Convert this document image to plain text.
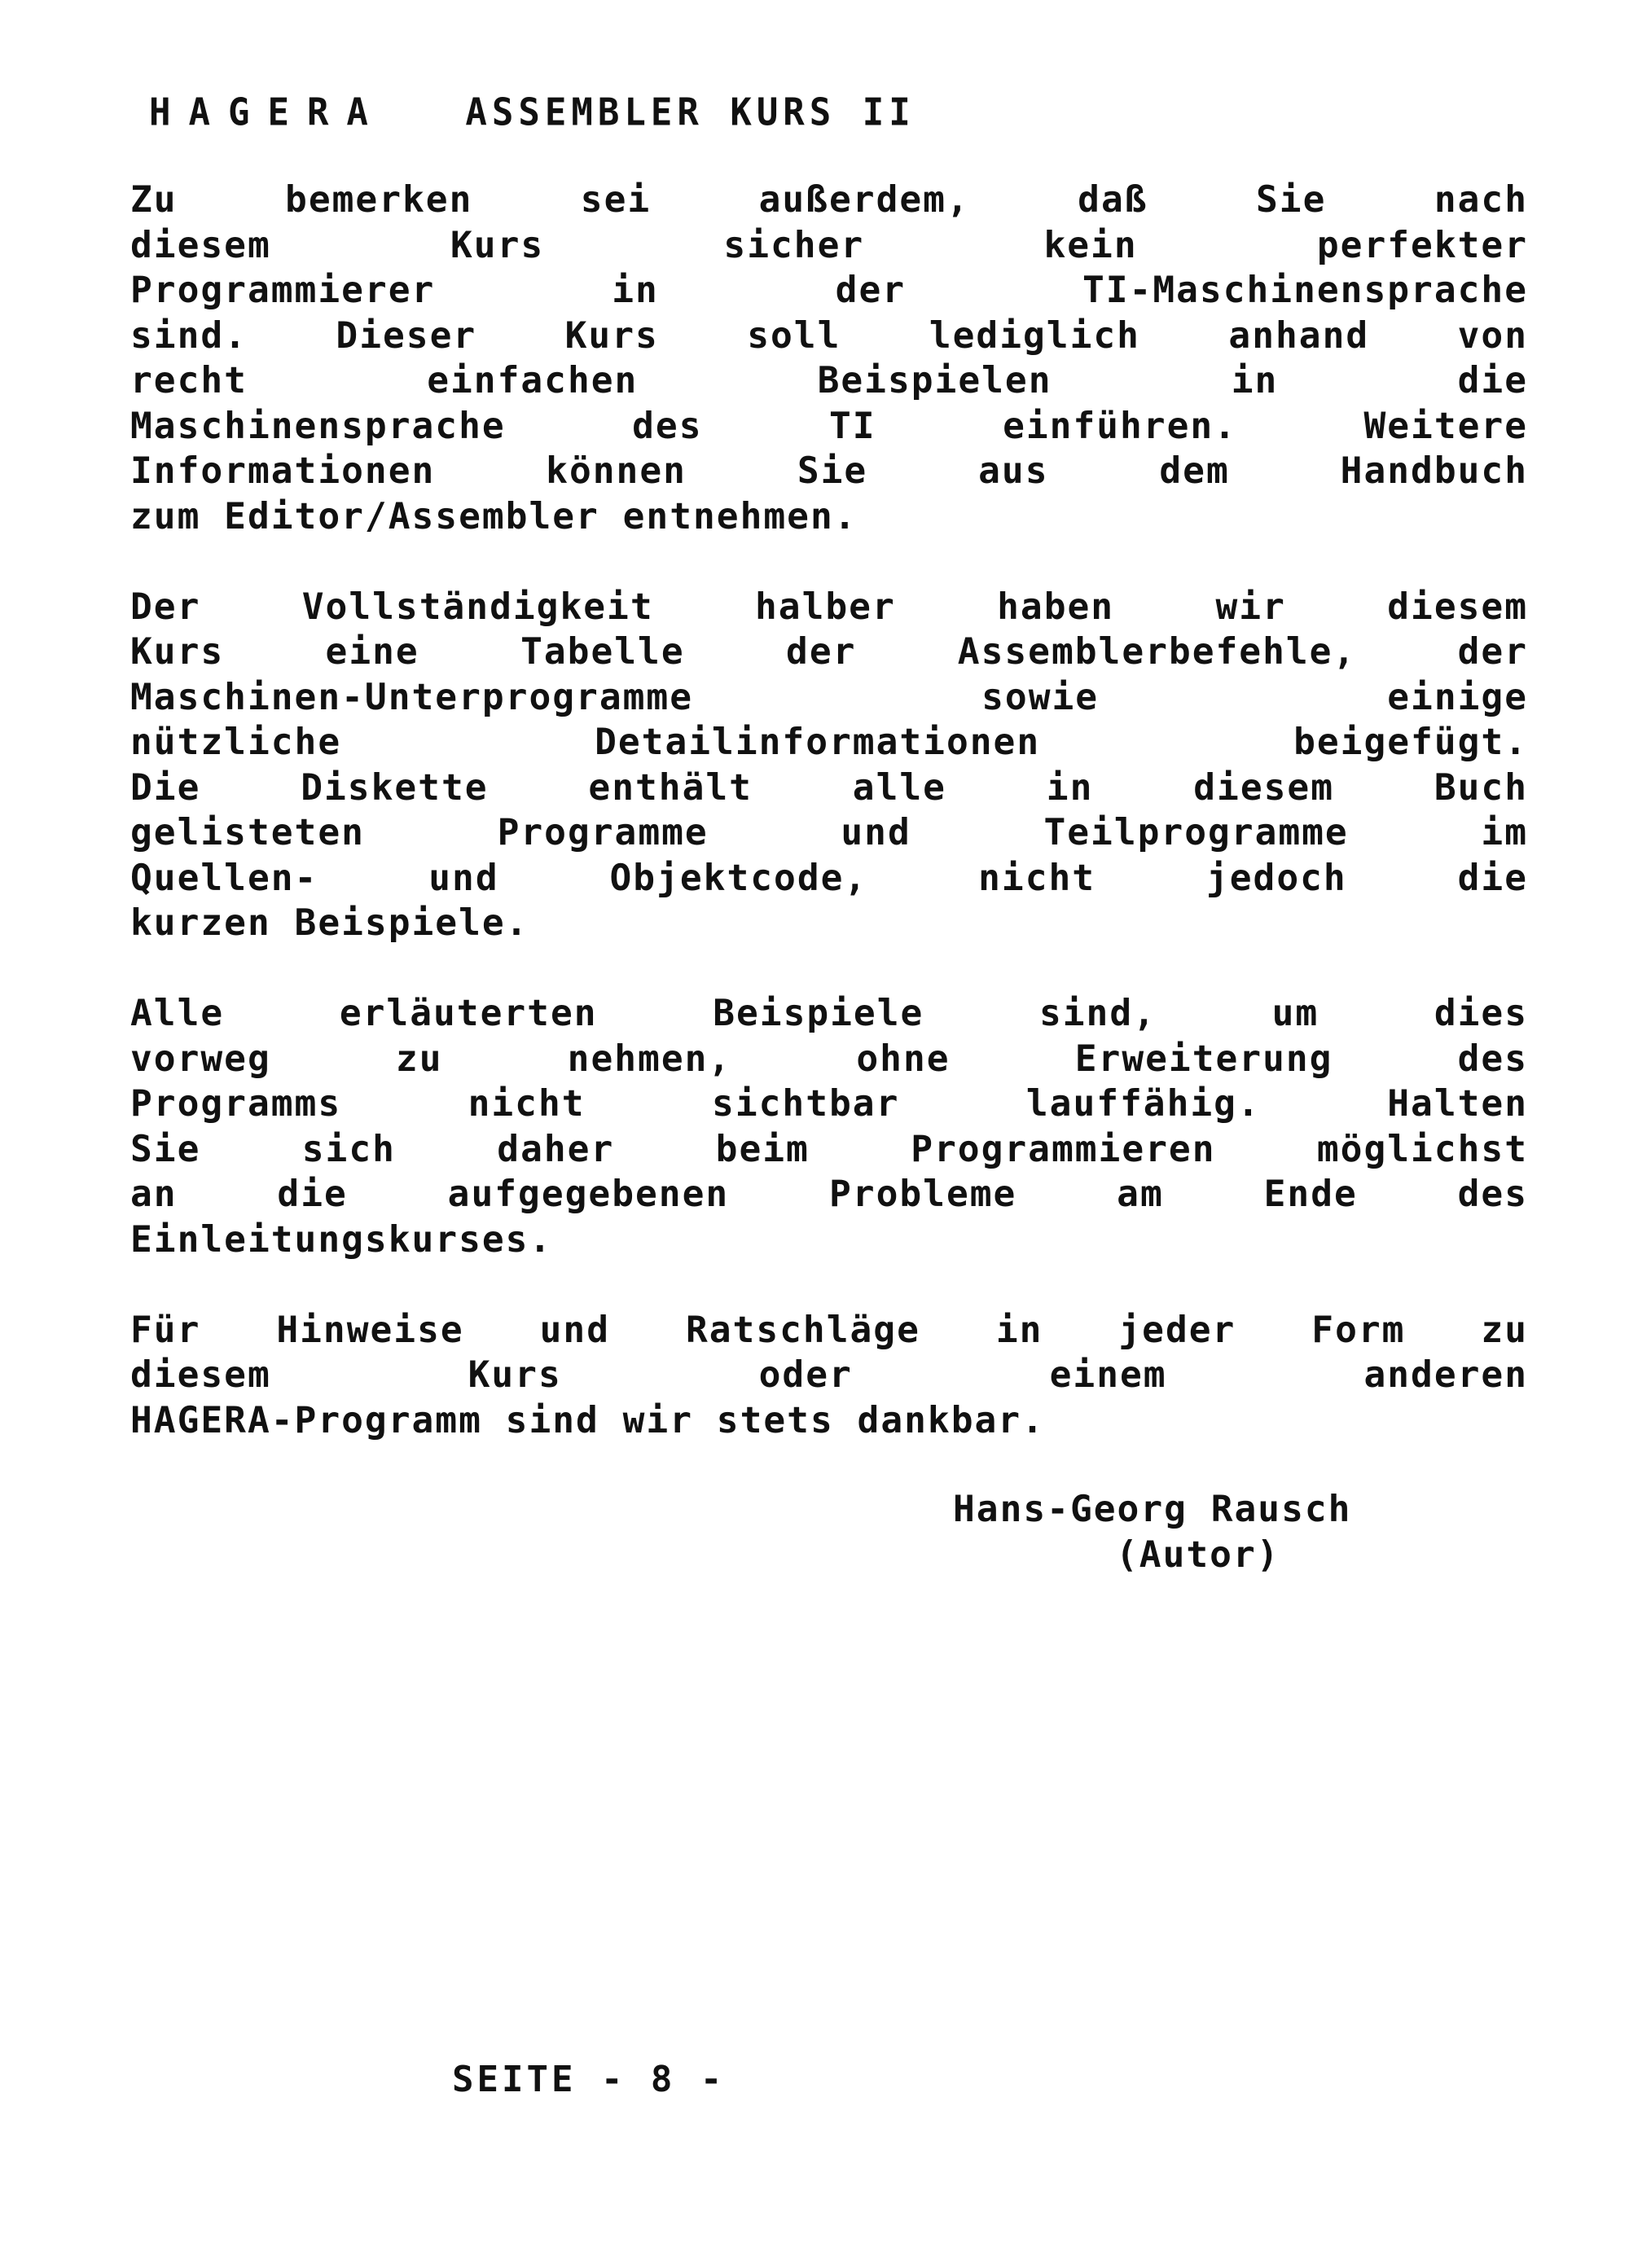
HAGERA ASSEMBLER KURS II

Zu bemerken sei außerdem, daß Sie nach
diesem Kurs sicher kein perfekter
Programmierer in der TI-Maschinensprache
sind. Dieser Kurs soll lediglich anhand von
recht einfachen Beispielen in die
Maschinensprache des TI einführen. Weitere
Informationen können Sie aus dem Handbuch
zum Editor/Assembler entnehmen.
Der Vollständigkeit halber haben wir diesem
Kurs eine Tabelle der Assemblerbefehle, der
Maschinen-Unterprogramme sowie einige
nützliche Detailinformationen beigefügt.
Die Diskette enthält alle in diesem Buch
gelisteten Programme und Teilprogramme im
Quellen- und Objektcode, nicht jedoch die
kurzen Beispiele.
Alle erläuterten Beispiele sind, um dies
vorweg zu nehmen, ohne Erweiterung des
Programms nicht sichtbar lauffähig. Halten
Sie sich daher beim Programmieren möglichst
an die aufgegebenen Probleme am Ende des
Einleitungskurses.
Für Hinweise und Ratschläge in jeder Form zu
diesem Kurs oder einem anderen
HAGERA-Programm sind wir stets dankbar.
Hans-Georg Rausch
(Autor)
SEITE - 8 -
